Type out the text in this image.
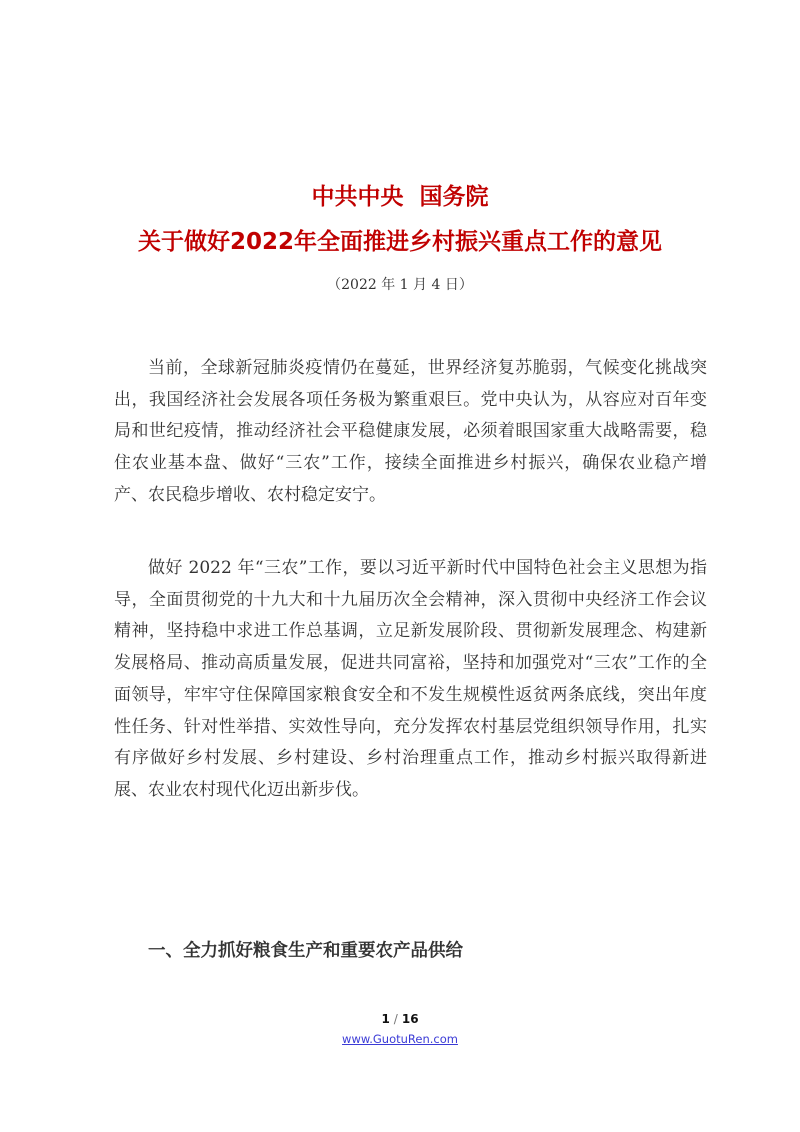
中共中央  国务院
关于做好2022年全面推进乡村振兴重点工作的意见
（2022 年 1 月 4 日）

当前，全球新冠肺炎疫情仍在蔓延，世界经济复苏脆弱，气候变化挑战突出，我国经济社会发展各项任务极为繁重艰巨。党中央认为，从容应对百年变局和世纪疫情，推动经济社会平稳健康发展，必须着眼国家重大战略需要，稳住农业基本盘、做好“三农”工作，接续全面推进乡村振兴，确保农业稳产增产、农民稳步增收、农村稳定安宁。

做好 2022 年“三农”工作，要以习近平新时代中国特色社会主义思想为指导，全面贯彻党的十九大和十九届历次全会精神，深入贯彻中央经济工作会议精神，坚持稳中求进工作总基调，立足新发展阶段、贯彻新发展理念、构建新发展格局、推动高质量发展，促进共同富裕，坚持和加强党对“三农”工作的全面领导，牢牢守住保障国家粮食安全和不发生规模性返贫两条底线，突出年度性任务、针对性举措、实效性导向，充分发挥农村基层党组织领导作用，扎实有序做好乡村发展、乡村建设、乡村治理重点工作，推动乡村振兴取得新进展、农业农村现代化迈出新步伐。

一、全力抓好粮食生产和重要农产品供给
1 / 16
www.GuotuRen.com
